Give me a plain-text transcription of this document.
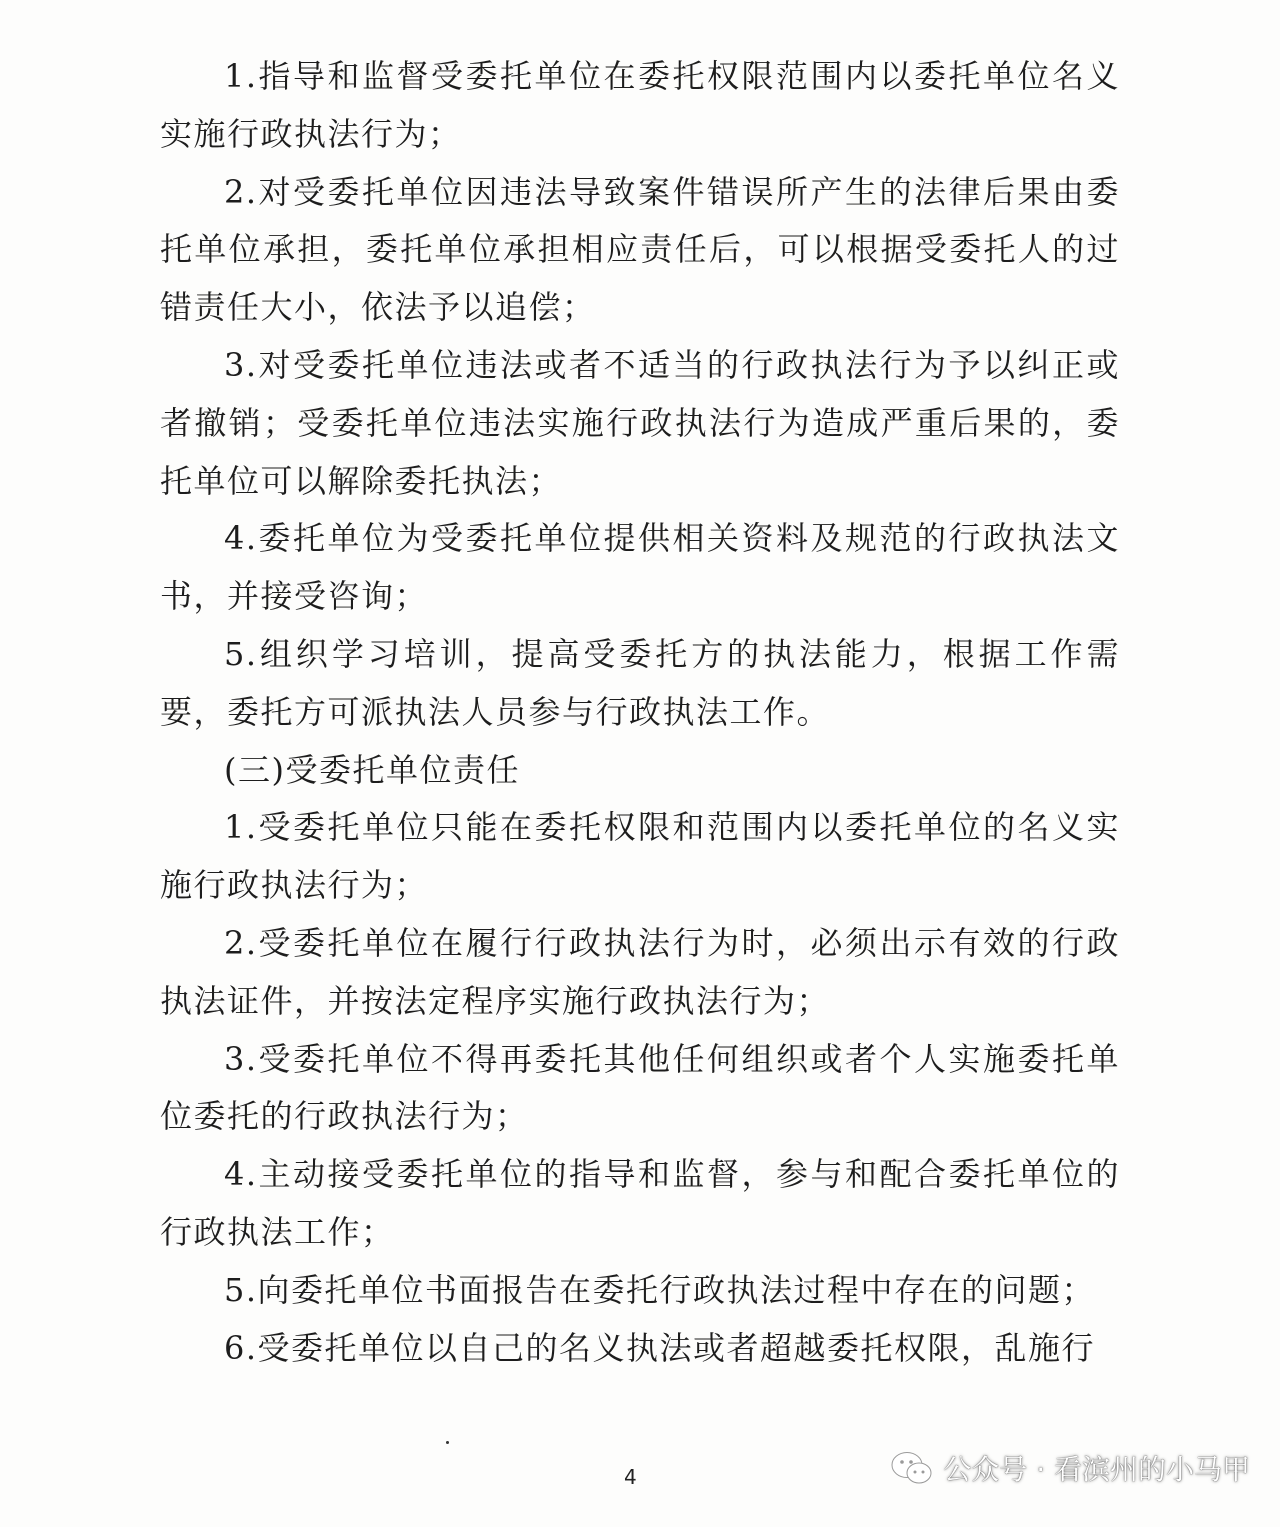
1.指导和监督受委托单位在委托权限范围内以委托单位名义实施行政执法行为；

2.对受委托单位因违法导致案件错误所产生的法律后果由委托单位承担，委托单位承担相应责任后，可以根据受委托人的过错责任大小，依法予以追偿；

3.对受委托单位违法或者不适当的行政执法行为予以纠正或者撤销；受委托单位违法实施行政执法行为造成严重后果的，委托单位可以解除委托执法；

4.委托单位为受委托单位提供相关资料及规范的行政执法文书，并接受咨询；

5.组织学习培训，提高受委托方的执法能力，根据工作需要，委托方可派执法人员参与行政执法工作。

(三)受委托单位责任

1.受委托单位只能在委托权限和范围内以委托单位的名义实施行政执法行为；

2.受委托单位在履行行政执法行为时，必须出示有效的行政执法证件，并按法定程序实施行政执法行为；

3.受委托单位不得再委托其他任何组织或者个人实施委托单位委托的行政执法行为；

4.主动接受委托单位的指导和监督，参与和配合委托单位的行政执法工作；

5.向委托单位书面报告在委托行政执法过程中存在的问题；

6.受委托单位以自己的名义执法或者超越委托权限，乱施行

4	公众号 · 看滨州的小马甲
